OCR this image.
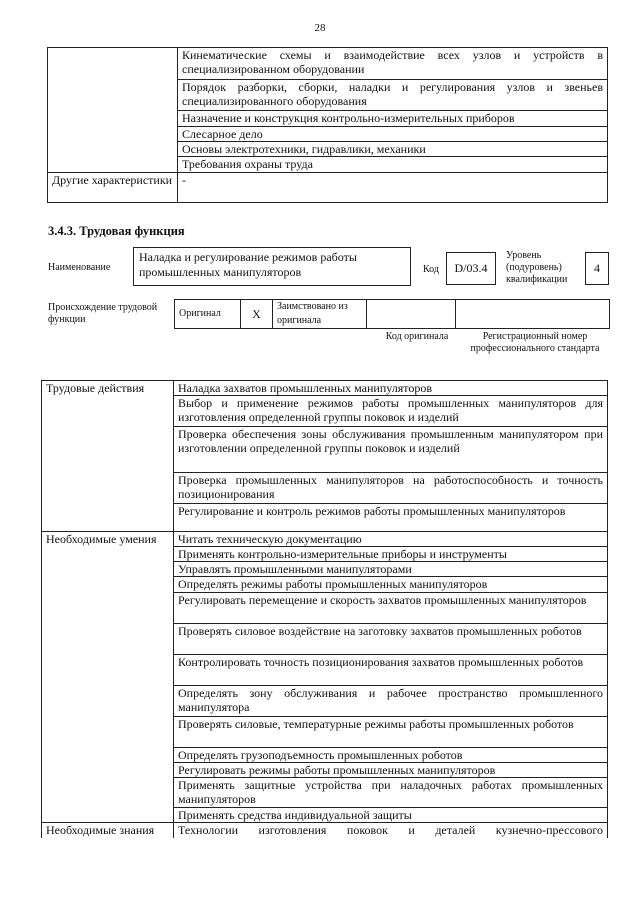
28
	Кинематические схемы и взаимодействие всех узлов и устройств в специализированном оборудовании
	Порядок разборки, сборки, наладки и регулирования узлов и звеньев специализированного оборудования
	Назначение и конструкция контрольно-измерительных приборов
	Слесарное дело
	Основы электротехники, гидравлики, механики
	Требования охраны труда
Другие характеристики	-
3.4.3. Трудовая функция
Наименование
Наладка и регулирование режимов работы промышленных манипуляторов	Код	D/03.4
Уровень (подуровень) квалификации
4
Происхождение трудовой функции
Оригинал	X	Заимствовано из оригинала		
Код оригинала	Регистрационный номер профессионального стандарта
Трудовые действия	Наладка захватов промышленных манипуляторов
	Выбор и применение режимов работы промышленных манипуляторов для изготовления определенной группы поковок и изделий
	Проверка обеспечения зоны обслуживания промышленным манипулятором при изготовлении определенной группы поковок и изделий
	Проверка промышленных манипуляторов на работоспособность и точность позиционирования
	Регулирование и контроль режимов работы промышленных манипуляторов
Необходимые умения	Читать техническую документацию
	Применять контрольно-измерительные приборы и инструменты
	Управлять промышленными манипуляторами
	Определять режимы работы промышленных манипуляторов
	Регулировать перемещение и скорость захватов промышленных манипуляторов
	Проверять силовое воздействие на заготовку захватов промышленных роботов
	Контролировать точность позиционирования захватов промышленных роботов
	Определять зону обслуживания и рабочее пространство промышленного манипулятора
	Проверять силовые, температурные режимы работы промышленных роботов
	Определять грузоподъемность промышленных роботов
	Регулировать режимы работы промышленных манипуляторов
	Применять защитные устройства при наладочных работах промышленных манипуляторов
	Применять средства индивидуальной защиты
Необходимые знания	Технологии изготовления поковок и деталей кузнечно-прессового
